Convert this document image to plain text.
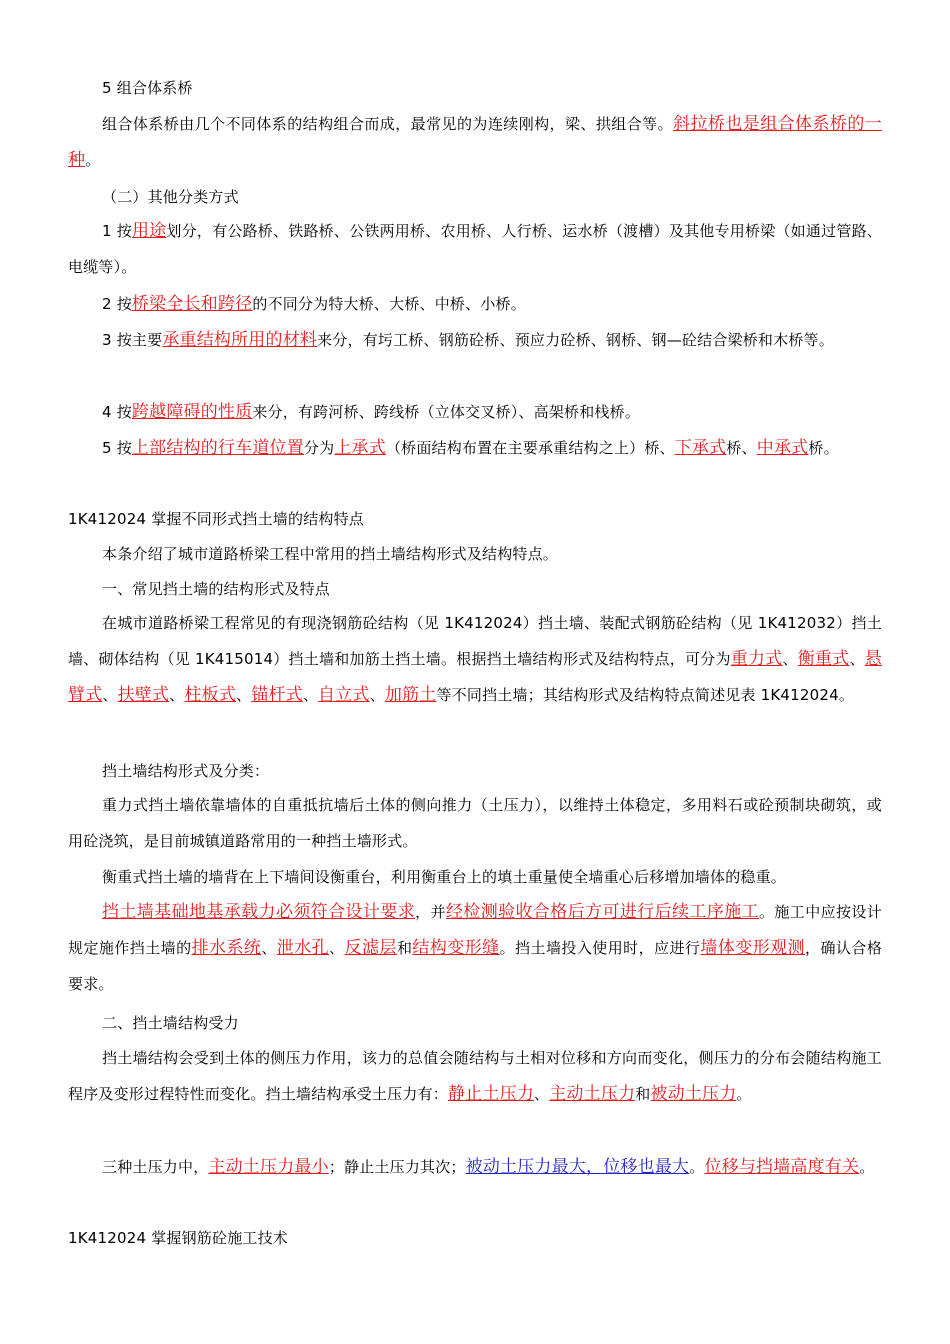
5 组合体系桥

组合体系桥由几个不同体系的结构组合而成，最常见的为连续刚构，梁、拱组合等。斜拉桥也是组合体系桥的一种。

（二）其他分类方式

1 按用途划分，有公路桥、铁路桥、公铁两用桥、农用桥、人行桥、运水桥（渡槽）及其他专用桥梁（如通过管路、电缆等）。

2 按桥梁全长和跨径的不同分为特大桥、大桥、中桥、小桥。

3 按主要承重结构所用的材料来分，有圬工桥、钢筋砼桥、预应力砼桥、钢桥、钢—砼结合梁桥和木桥等。

4 按跨越障碍的性质来分，有跨河桥、跨线桥（立体交叉桥）、高架桥和栈桥。

5 按上部结构的行车道位置分为上承式（桥面结构布置在主要承重结构之上）桥、下承式桥、中承式桥。

1K412024 掌握不同形式挡土墙的结构特点

本条介绍了城市道路桥梁工程中常用的挡土墙结构形式及结构特点。

一、常见挡土墙的结构形式及特点

在城市道路桥梁工程常见的有现浇钢筋砼结构（见 1K412024）挡土墙、装配式钢筋砼结构（见 1K412032）挡土墙、砌体结构（见 1K415014）挡土墙和加筋土挡土墙。根据挡土墙结构形式及结构特点，可分为重力式、衡重式、悬臂式、扶壁式、柱板式、锚杆式、自立式、加筋土等不同挡土墙；其结构形式及结构特点简述见表 1K412024。

挡土墙结构形式及分类：

重力式挡土墙依靠墙体的自重抵抗墙后土体的侧向推力（土压力），以维持土体稳定，多用料石或砼预制块砌筑，或用砼浇筑，是目前城镇道路常用的一种挡土墙形式。

衡重式挡土墙的墙背在上下墙间设衡重台，利用衡重台上的填土重量使全墙重心后移增加墙体的稳重。

挡土墙基础地基承载力必须符合设计要求，并经检测验收合格后方可进行后续工序施工。施工中应按设计规定施作挡土墙的排水系统、泄水孔、反滤层和结构变形缝。挡土墙投入使用时，应进行墙体变形观测，确认合格要求。

二、挡土墙结构受力

挡土墙结构会受到土体的侧压力作用，该力的总值会随结构与土相对位移和方向而变化，侧压力的分布会随结构施工程序及变形过程特性而变化。挡土墙结构承受土压力有：静止土压力、主动土压力和被动土压力。

三种土压力中，主动土压力最小；静止土压力其次；被动土压力最大，位移也最大。位移与挡墙高度有关。

1K412024 掌握钢筋砼施工技术
